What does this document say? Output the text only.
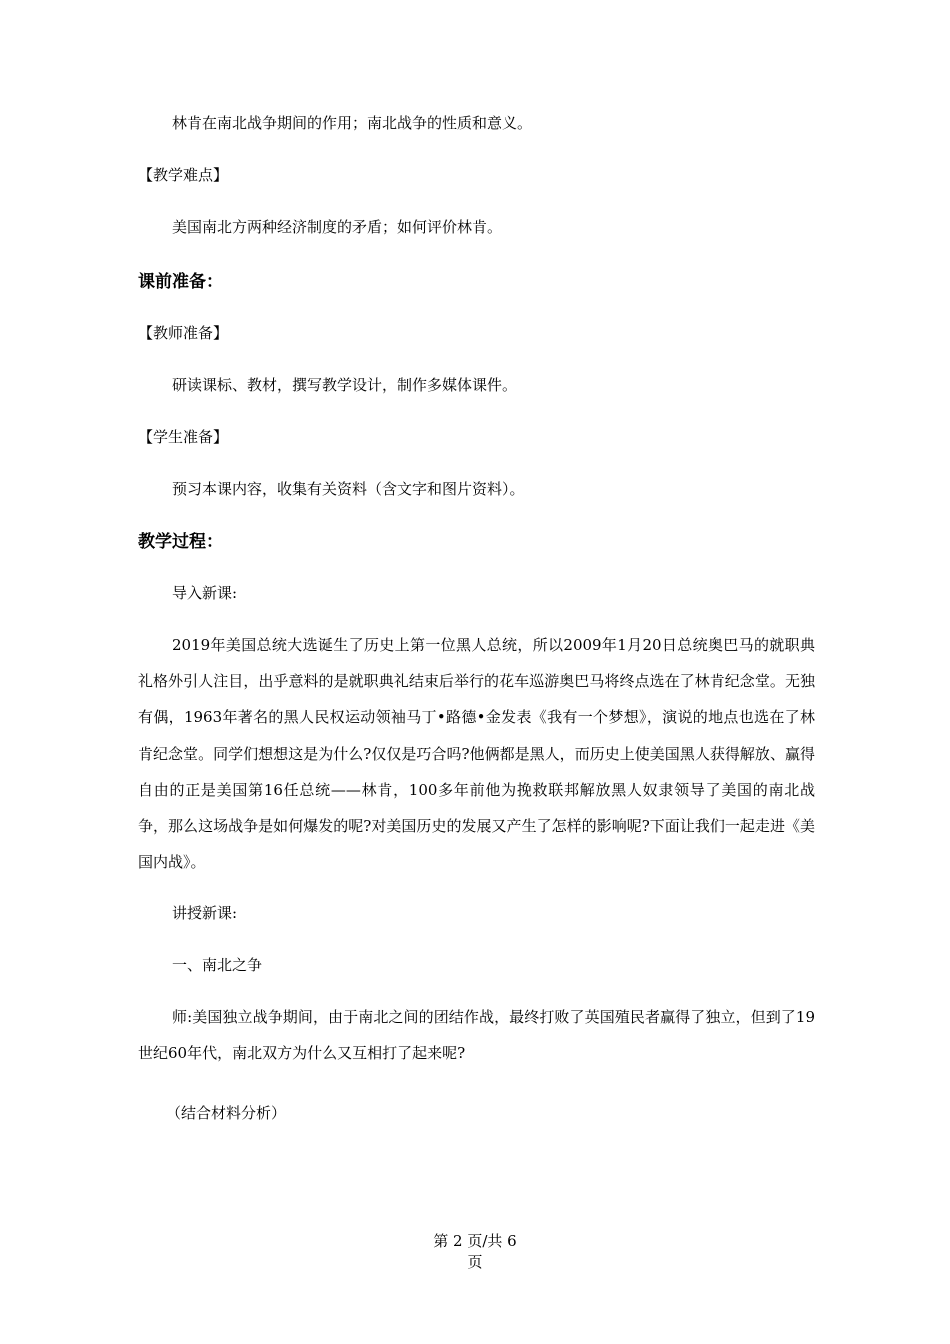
林肯在南北战争期间的作用；南北战争的性质和意义。
【教学难点】
美国南北方两种经济制度的矛盾；如何评价林肯。
课前准备：
【教师准备】
研读课标、教材，撰写教学设计，制作多媒体课件。
【学生准备】
预习本课内容，收集有关资料（含文字和图片资料）。
教学过程：
导入新课:

2019年美国总统大选诞生了历史上第一位黑人总统，所以2009年1月20日总统奥巴马的就职典礼格外引人注目，出乎意料的是就职典礼结束后举行的花车巡游奥巴马将终点选在了林肯纪念堂。无独有偶，1963年著名的黑人民权运动领袖马丁•路德•金发表《我有一个梦想》，演说的地点也选在了林肯纪念堂。同学们想想这是为什么?仅仅是巧合吗?他俩都是黑人，而历史上使美国黑人获得解放、赢得自由的正是美国第16任总统——林肯，100多年前他为挽救联邦解放黑人奴隶领导了美国的南北战争，那么这场战争是如何爆发的呢?对美国历史的发展又产生了怎样的影响呢?下面让我们一起走进《美国内战》。

讲授新课:
一、南北之争

师:美国独立战争期间，由于南北之间的团结作战，最终打败了英国殖民者赢得了独立，但到了19世纪60年代，南北双方为什么又互相打了起来呢?

（结合材料分析）
第 2 页/共 6
页
